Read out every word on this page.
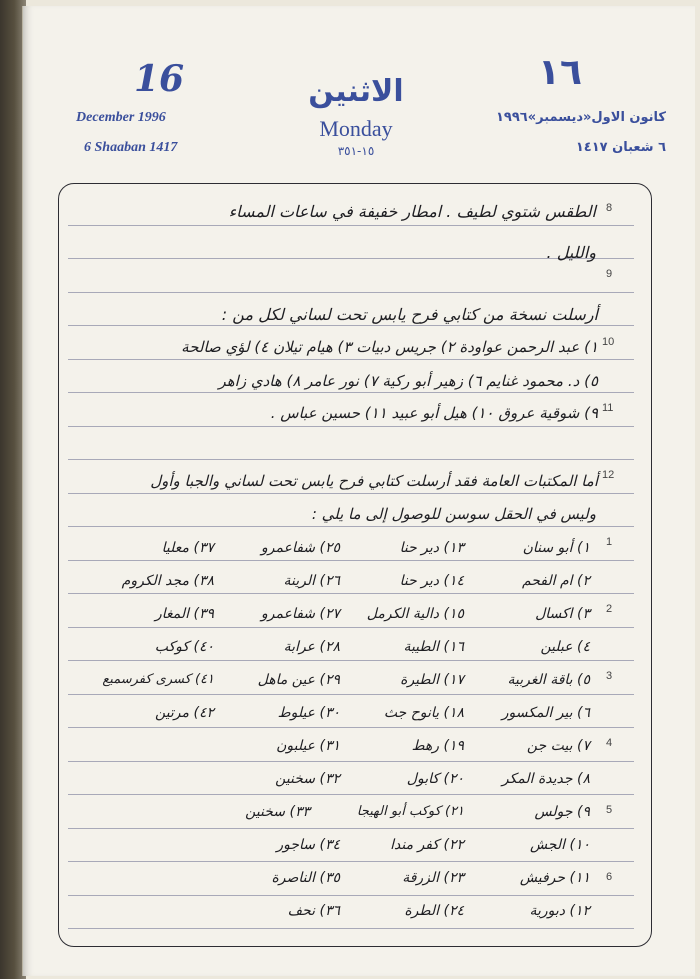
16	١٦
December 1996
6 Shaaban 1417
الاثنين
Monday
١٥-٣٥١
كانون الاول«ديسمبر»١٩٩٦
٦ شعبان ١٤١٧
8
9
10
11
12
1
2
3
4
5
6
الطقس شتوي لطيف . امطار خفيفة في ساعات المساء
والليل .
أرسلت نسخة من كتابي فرح يابس تحت لساني لكل من :
١) عبد الرحمن عواودة ٢) جريس دبيات ٣) هيام تيلان ٤) لؤي صالحة
٥) د. محمود غنايم ٦) زهير أبو ركية ٧) نور عامر ٨) هادي زاهر
٩) شوقية عروق ١٠) هيل أبو عبيد ١١) حسين عباس .
أما المكتبات العامة فقد أرسلت كتابي فرح يابس تحت لساني والجبا وأول
وليس في الحقل سوسن للوصول إلى ما يلي :
١) أبو سنان
١٣) دير حنا
٢٥) شفاعمرو
٣٧) معليا
٢) ام الفحم
١٤) دير حنا
٢٦) الرينة
٣٨) مجد الكروم
٣) اكسال
١٥) دالية الكرمل
٢٧) شفاعمرو
٣٩) المغار
٤) عبلين
١٦) الطيبة
٢٨) عرابة
٤٠) كوكب
٥) باقة الغربية
١٧) الطيرة
٢٩) عين ماهل
٤١) كسرى كفرسميع
٦) بير المكسور
١٨) يانوح جث
٣٠) عيلوط
٤٢) مرتين
٧) بيت جن
١٩) رهط
٣١) عيلبون
٨) جديدة المكر
٢٠) كابول
٣٢) سخنين
٩) جولس
٢١) كوكب أبو الهيجا
٣٣) سخنين
١٠) الجش
٢٢) كفر مندا
٣٤) ساجور
١١) حرفيش
٢٣) الزرقة
٣٥) الناصرة
١٢) دبورية
٢٤) الطرة
٣٦) نحف
